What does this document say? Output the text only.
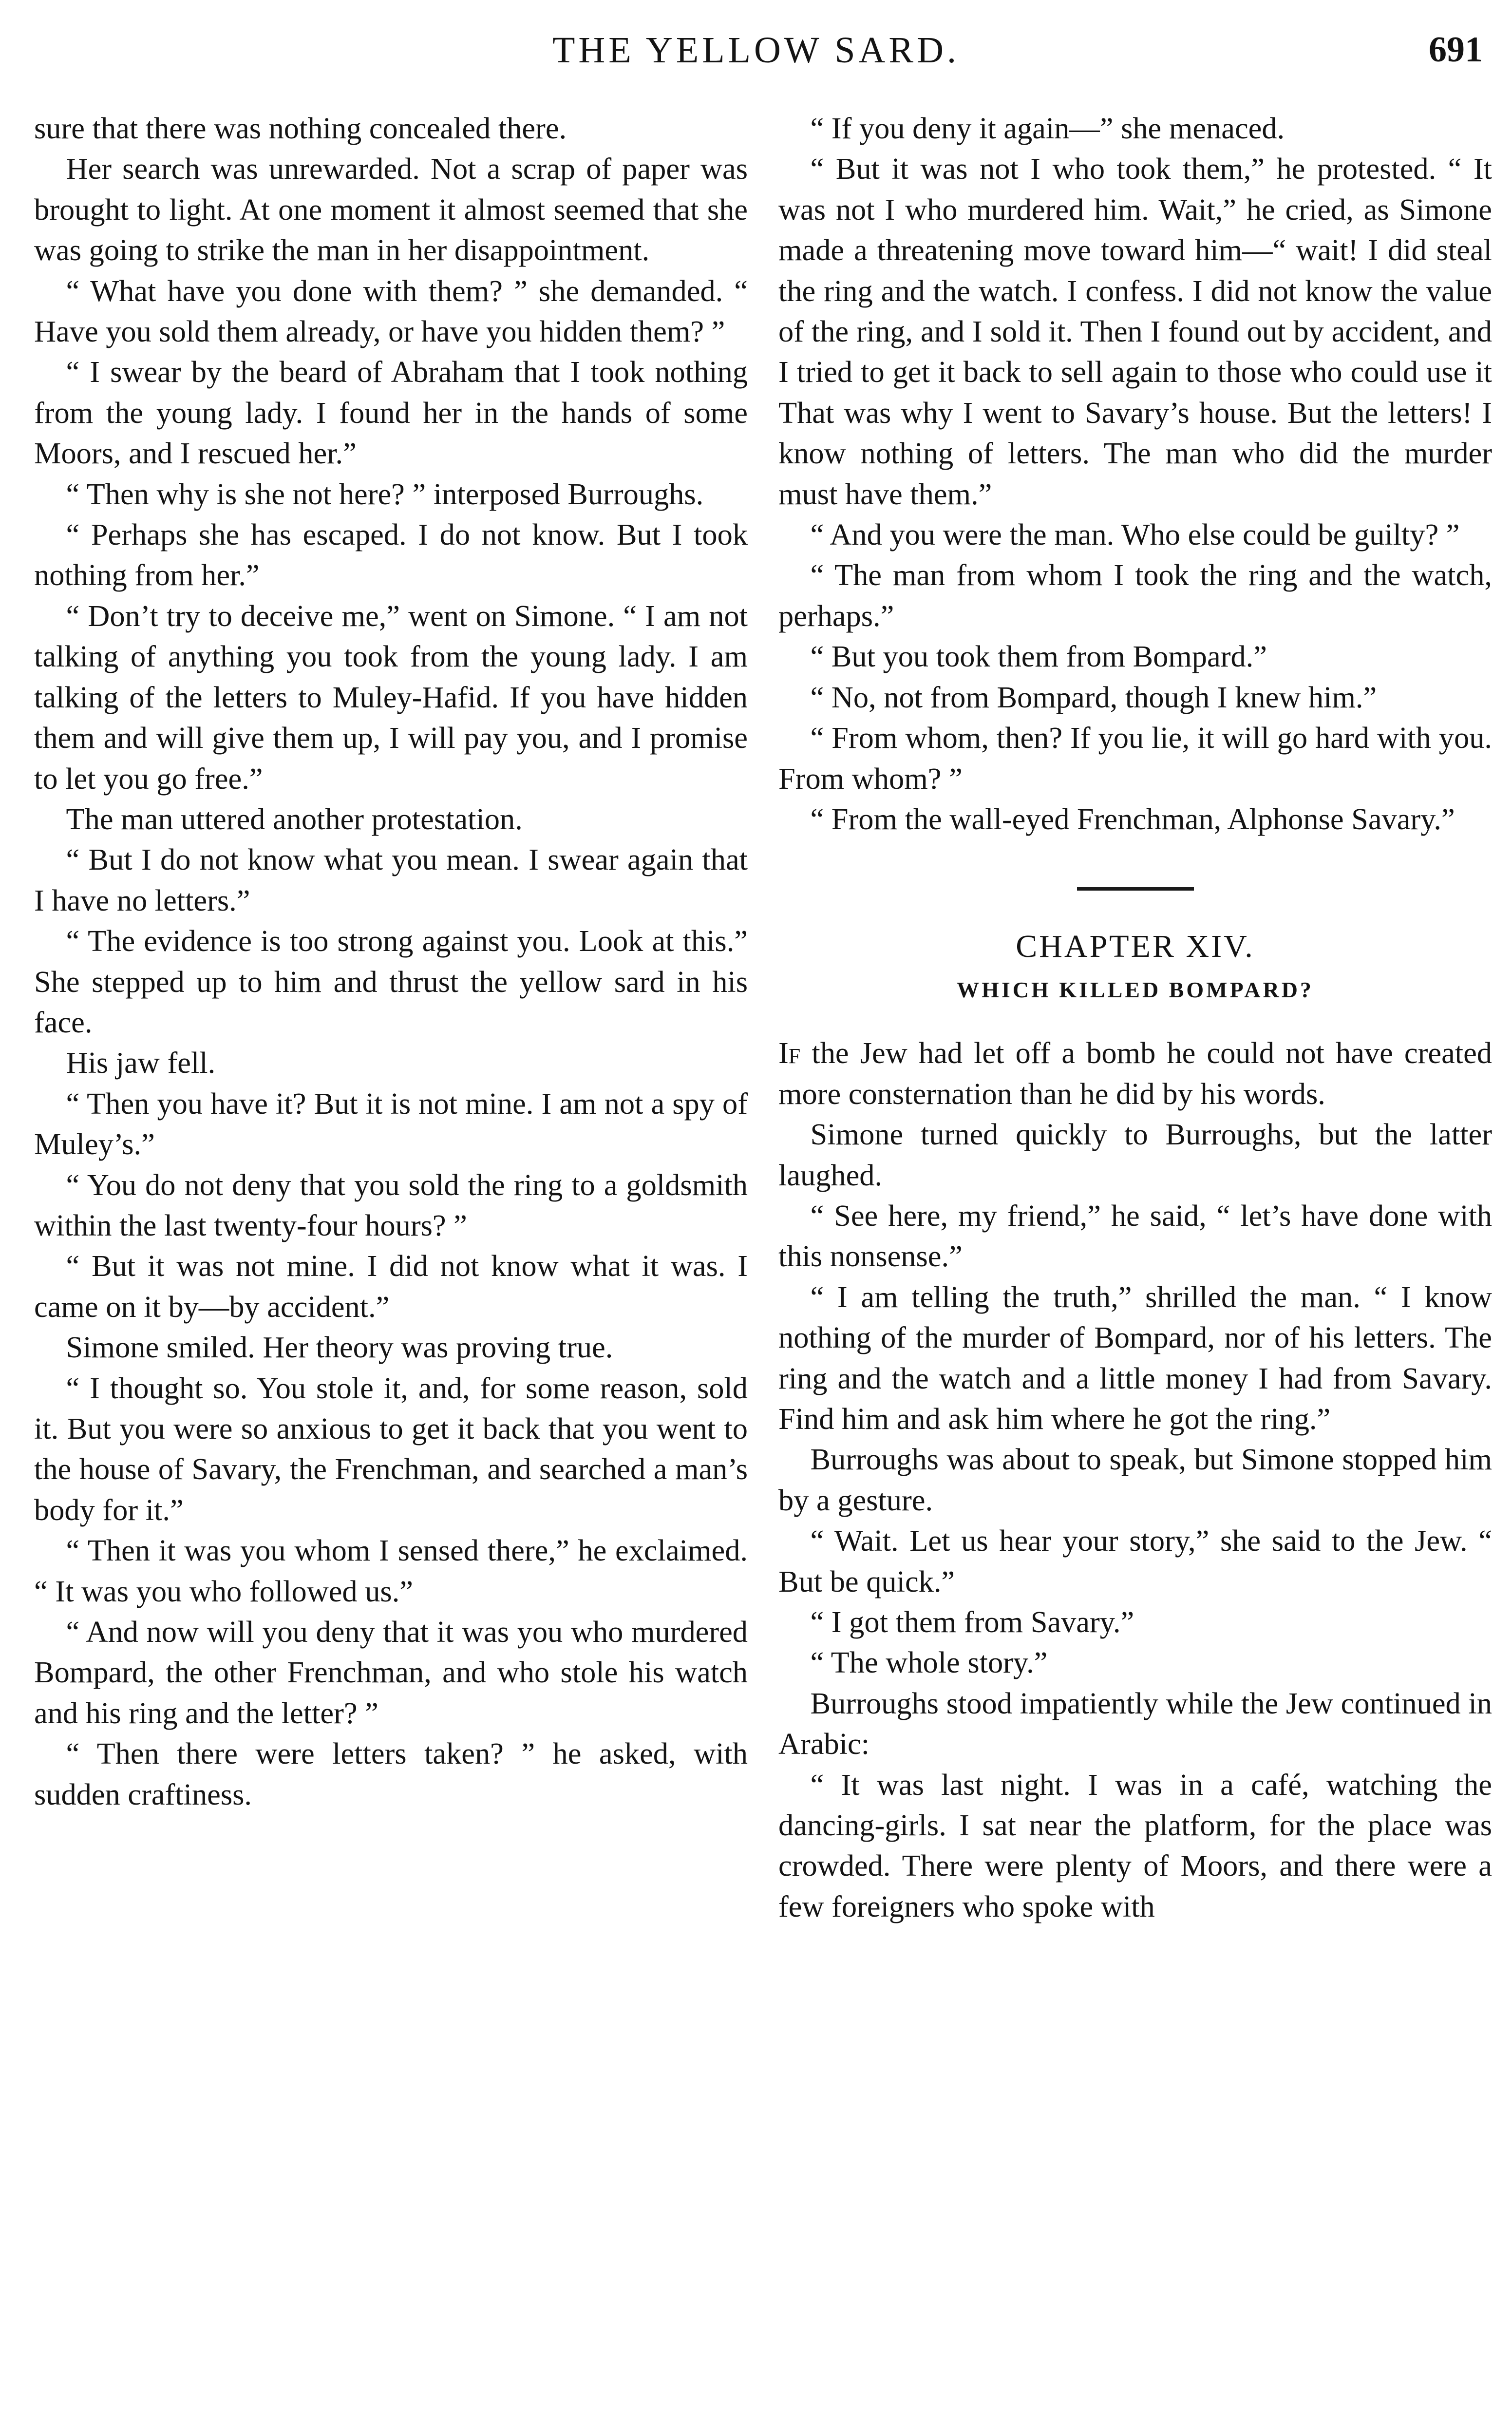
THE YELLOW SARD.	691

sure that there was nothing concealed there.

Her search was unrewarded. Not a scrap of paper was brought to light. At one moment it almost seemed that she was going to strike the man in her disappointment.

“ What have you done with them? ” she demanded. “ Have you sold them already, or have you hidden them? ”

“ I swear by the beard of Abraham that I took nothing from the young lady. I found her in the hands of some Moors, and I rescued her.”

“ Then why is she not here? ” interposed Burroughs.

“ Perhaps she has escaped. I do not know. But I took nothing from her.”

“ Don’t try to deceive me,” went on Simone. “ I am not talking of anything you took from the young lady. I am talking of the letters to Muley-Hafid. If you have hidden them and will give them up, I will pay you, and I promise to let you go free.”

The man uttered another protestation.

“ But I do not know what you mean. I swear again that I have no letters.”

“ The evidence is too strong against you. Look at this.” She stepped up to him and thrust the yellow sard in his face.

His jaw fell.

“ Then you have it? But it is not mine. I am not a spy of Muley’s.”

“ You do not deny that you sold the ring to a goldsmith within the last twenty-four hours? ”

“ But it was not mine. I did not know what it was. I came on it by—by accident.”

Simone smiled. Her theory was proving true.

“ I thought so. You stole it, and, for some reason, sold it. But you were so anxious to get it back that you went to the house of Savary, the Frenchman, and searched a man’s body for it.”

“ Then it was you whom I sensed there,” he exclaimed. “ It was you who followed us.”

“ And now will you deny that it was you who murdered Bompard, the other Frenchman, and who stole his watch and his ring and the letter? ”

“ Then there were letters taken? ” he asked, with sudden craftiness.

“ If you deny it again—” she menaced.

“ But it was not I who took them,” he protested. “ It was not I who murdered him. Wait,” he cried, as Simone made a threatening move toward him—“ wait! I did steal the ring and the watch. I confess. I did not know the value of the ring, and I sold it. Then I found out by accident, and I tried to get it back to sell again to those who could use it That was why I went to Savary’s house. But the letters! I know nothing of letters. The man who did the murder must have them.”

“ And you were the man. Who else could be guilty? ”

“ The man from whom I took the ring and the watch, perhaps.”

“ But you took them from Bompard.”

“ No, not from Bompard, though I knew him.”

“ From whom, then? If you lie, it will go hard with you. From whom? ”

“ From the wall-eyed Frenchman, Alphonse Savary.”

CHAPTER XIV.
WHICH KILLED BOMPARD?

If the Jew had let off a bomb he could not have created more consternation than he did by his words.

Simone turned quickly to Burroughs, but the latter laughed.

“ See here, my friend,” he said, “ let’s have done with this nonsense.”

“ I am telling the truth,” shrilled the man. “ I know nothing of the murder of Bompard, nor of his letters. The ring and the watch and a little money I had from Savary. Find him and ask him where he got the ring.”

Burroughs was about to speak, but Simone stopped him by a gesture.

“ Wait. Let us hear your story,” she said to the Jew. “ But be quick.”

“ I got them from Savary.”

“ The whole story.”

Burroughs stood impatiently while the Jew continued in Arabic:

“ It was last night. I was in a café, watching the dancing-girls. I sat near the platform, for the place was crowded. There were plenty of Moors, and there were a few foreigners who spoke with
